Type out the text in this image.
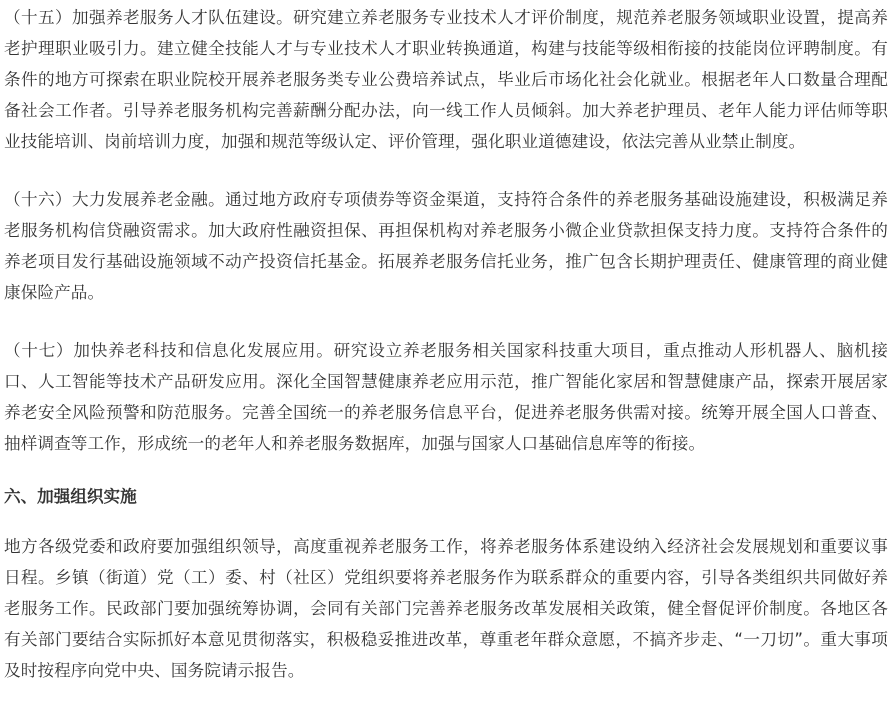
（十五）加强养老服务人才队伍建设。研究建立养老服务专业技术人才评价制度，规范养老服务领域职业设置，提高养老护理职业吸引力。建立健全技能人才与专业技术人才职业转换通道，构建与技能等级相衔接的技能岗位评聘制度。有条件的地方可探索在职业院校开展养老服务类专业公费培养试点，毕业后市场化社会化就业。根据老年人口数量合理配备社会工作者。引导养老服务机构完善薪酬分配办法，向一线工作人员倾斜。加大养老护理员、老年人能力评估师等职业技能培训、岗前培训力度，加强和规范等级认定、评价管理，强化职业道德建设，依法完善从业禁止制度。

（十六）大力发展养老金融。通过地方政府专项债券等资金渠道，支持符合条件的养老服务基础设施建设，积极满足养老服务机构信贷融资需求。加大政府性融资担保、再担保机构对养老服务小微企业贷款担保支持力度。支持符合条件的养老项目发行基础设施领域不动产投资信托基金。拓展养老服务信托业务，推广包含长期护理责任、健康管理的商业健康保险产品。

（十七）加快养老科技和信息化发展应用。研究设立养老服务相关国家科技重大项目，重点推动人形机器人、脑机接口、人工智能等技术产品研发应用。深化全国智慧健康养老应用示范，推广智能化家居和智慧健康产品，探索开展居家养老安全风险预警和防范服务。完善全国统一的养老服务信息平台，促进养老服务供需对接。统筹开展全国人口普查、抽样调查等工作，形成统一的老年人和养老服务数据库，加强与国家人口基础信息库等的衔接。

六、加强组织实施

地方各级党委和政府要加强组织领导，高度重视养老服务工作，将养老服务体系建设纳入经济社会发展规划和重要议事日程。乡镇（街道）党（工）委、村（社区）党组织要将养老服务作为联系群众的重要内容，引导各类组织共同做好养老服务工作。民政部门要加强统筹协调，会同有关部门完善养老服务改革发展相关政策，健全督促评价制度。各地区各有关部门要结合实际抓好本意见贯彻落实，积极稳妥推进改革，尊重老年群众意愿，不搞齐步走、“一刀切”。重大事项及时按程序向党中央、国务院请示报告。
